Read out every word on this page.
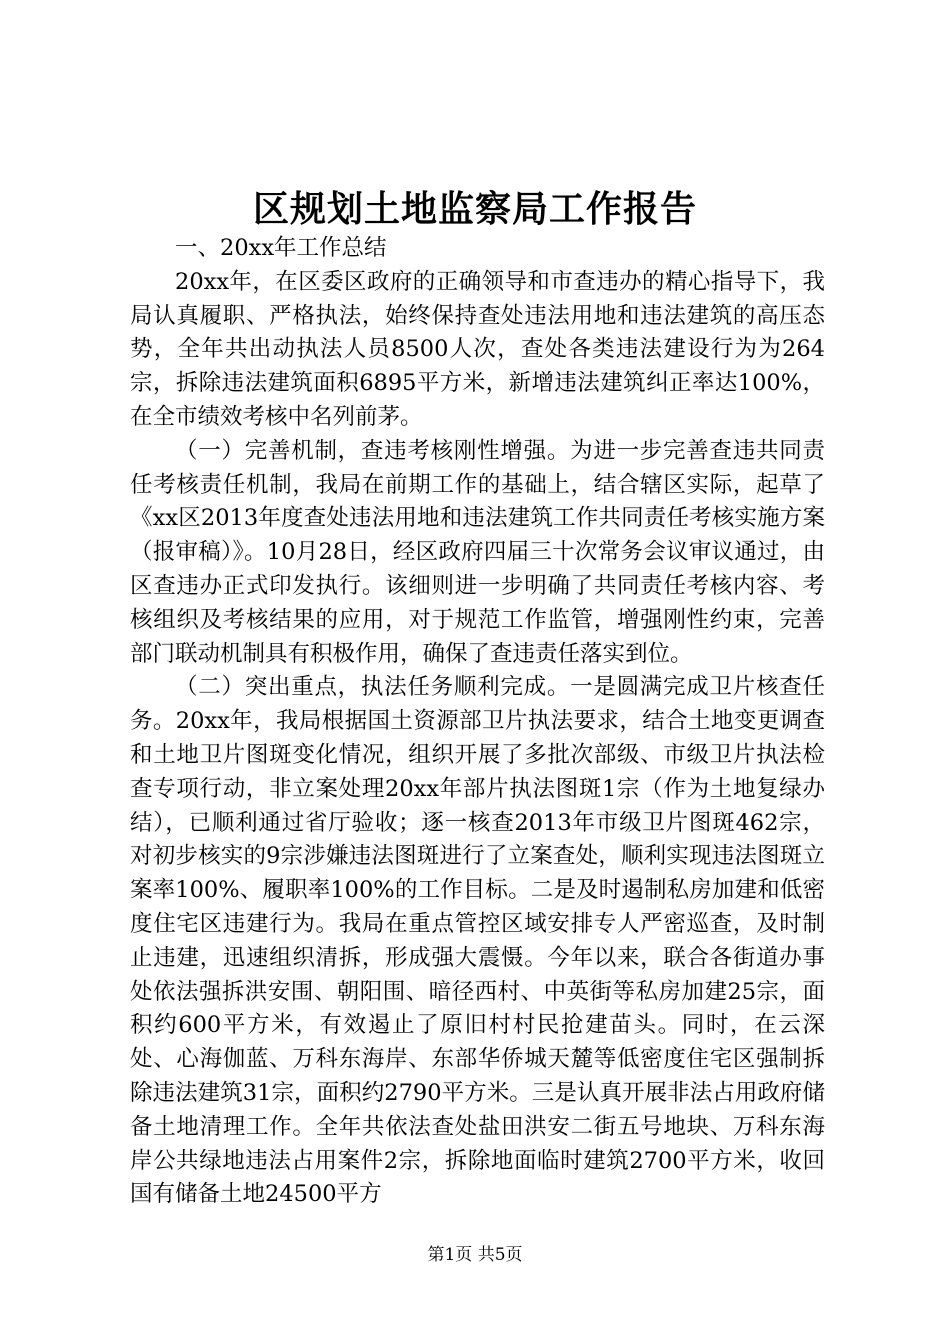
区规划土地监察局工作报告

一、20xx年工作总结

20xx年，在区委区政府的正确领导和市查违办的精心指导下，我局认真履职、严格执法，始终保持查处违法用地和违法建筑的高压态势，全年共出动执法人员8500人次，查处各类违法建设行为为264宗，拆除违法建筑面积6895平方米，新增违法建筑纠正率达100%，在全市绩效考核中名列前茅。

（一）完善机制，查违考核刚性增强。为进一步完善查违共同责任考核责任机制，我局在前期工作的基础上，结合辖区实际，起草了《xx区2013年度查处违法用地和违法建筑工作共同责任考核实施方案（报审稿）》。10月28日，经区政府四届三十次常务会议审议通过，由区查违办正式印发执行。该细则进一步明确了共同责任考核内容、考核组织及考核结果的应用，对于规范工作监管，增强刚性约束，完善部门联动机制具有积极作用，确保了查违责任落实到位。

（二）突出重点，执法任务顺利完成。一是圆满完成卫片核查任务。20xx年，我局根据国土资源部卫片执法要求，结合土地变更调查和土地卫片图斑变化情况，组织开展了多批次部级、市级卫片执法检查专项行动，非立案处理20xx年部片执法图斑1宗（作为土地复绿办结），已顺利通过省厅验收；逐一核查2013年市级卫片图斑462宗，对初步核实的9宗涉嫌违法图斑进行了立案查处，顺利实现违法图斑立案率100%、履职率100%的工作目标。二是及时遏制私房加建和低密度住宅区违建行为。我局在重点管控区域安排专人严密巡查，及时制止违建，迅速组织清拆，形成强大震慑。今年以来，联合各街道办事处依法强拆洪安围、朝阳围、暗径西村、中英街等私房加建25宗，面积约600平方米，有效遏止了原旧村村民抢建苗头。同时，在云深处、心海伽蓝、万科东海岸、东部华侨城天麓等低密度住宅区强制拆除违法建筑31宗，面积约2790平方米。三是认真开展非法占用政府储备土地清理工作。全年共依法查处盐田洪安二街五号地块、万科东海岸公共绿地违法占用案件2宗，拆除地面临时建筑2700平方米，收回国有储备土地24500平方

第1页 共5页
